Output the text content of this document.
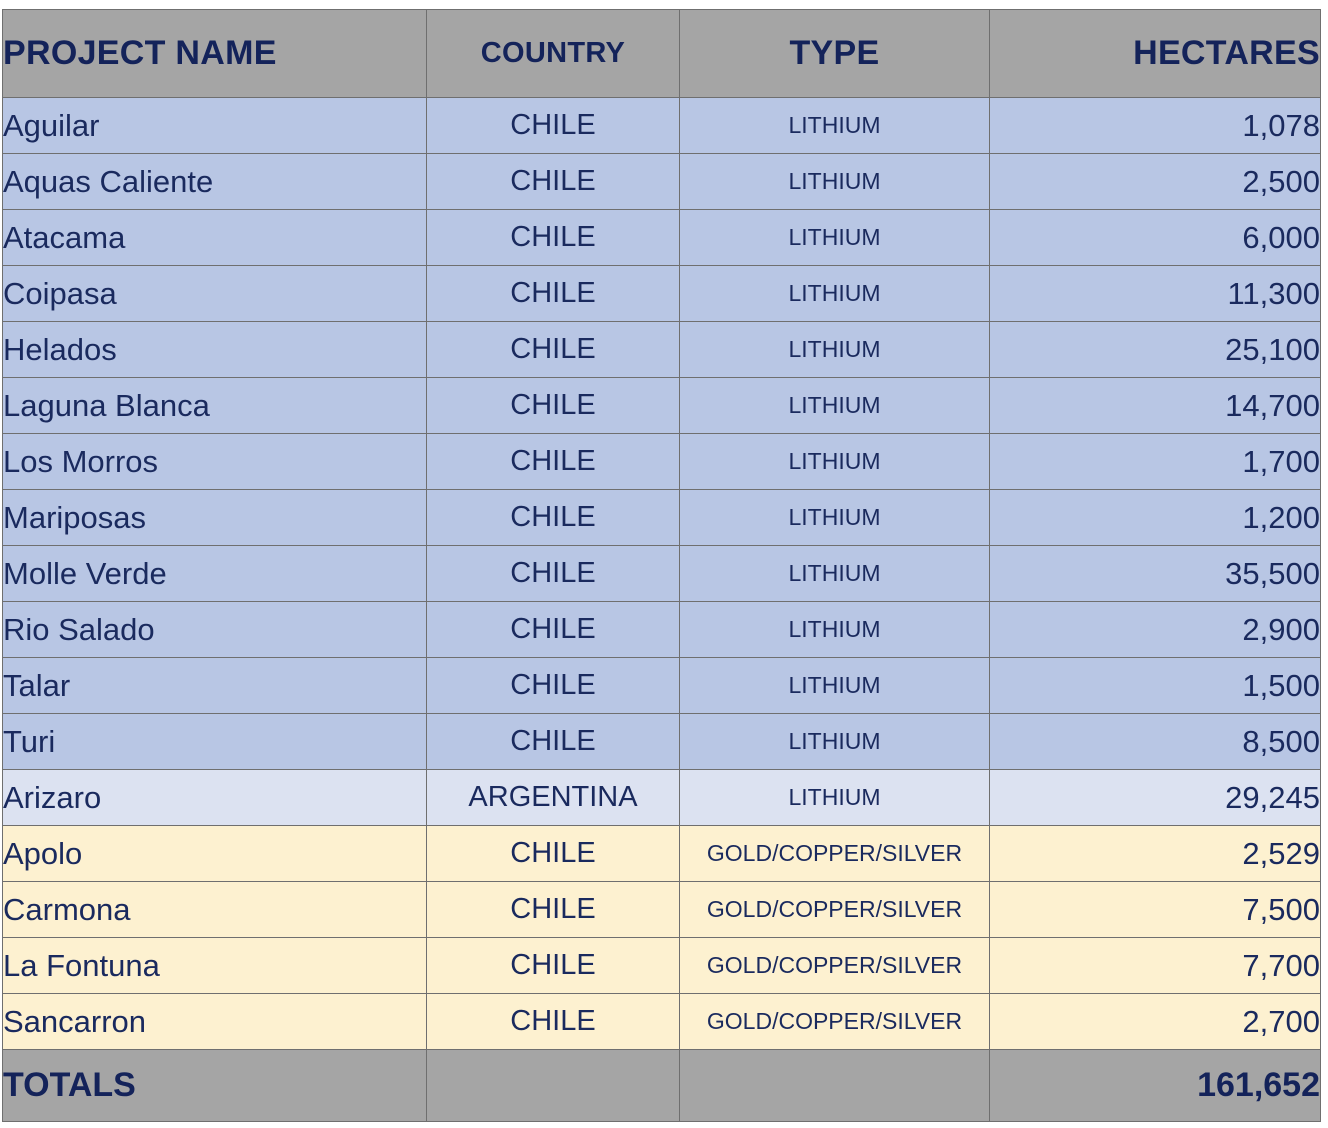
PROJECT NAME	COUNTRY	TYPE	HECTARES
Aguilar	CHILE	LITHIUM	1,078
Aquas Caliente	CHILE	LITHIUM	2,500
Atacama	CHILE	LITHIUM	6,000
Coipasa	CHILE	LITHIUM	11,300
Helados	CHILE	LITHIUM	25,100
Laguna Blanca	CHILE	LITHIUM	14,700
Los Morros	CHILE	LITHIUM	1,700
Mariposas	CHILE	LITHIUM	1,200
Molle Verde	CHILE	LITHIUM	35,500
Rio Salado	CHILE	LITHIUM	2,900
Talar	CHILE	LITHIUM	1,500
Turi	CHILE	LITHIUM	8,500
Arizaro	ARGENTINA	LITHIUM	29,245
Apolo	CHILE	GOLD/COPPER/SILVER	2,529
Carmona	CHILE	GOLD/COPPER/SILVER	7,500
La Fontuna	CHILE	GOLD/COPPER/SILVER	7,700
Sancarron	CHILE	GOLD/COPPER/SILVER	2,700
TOTALS			161,652
